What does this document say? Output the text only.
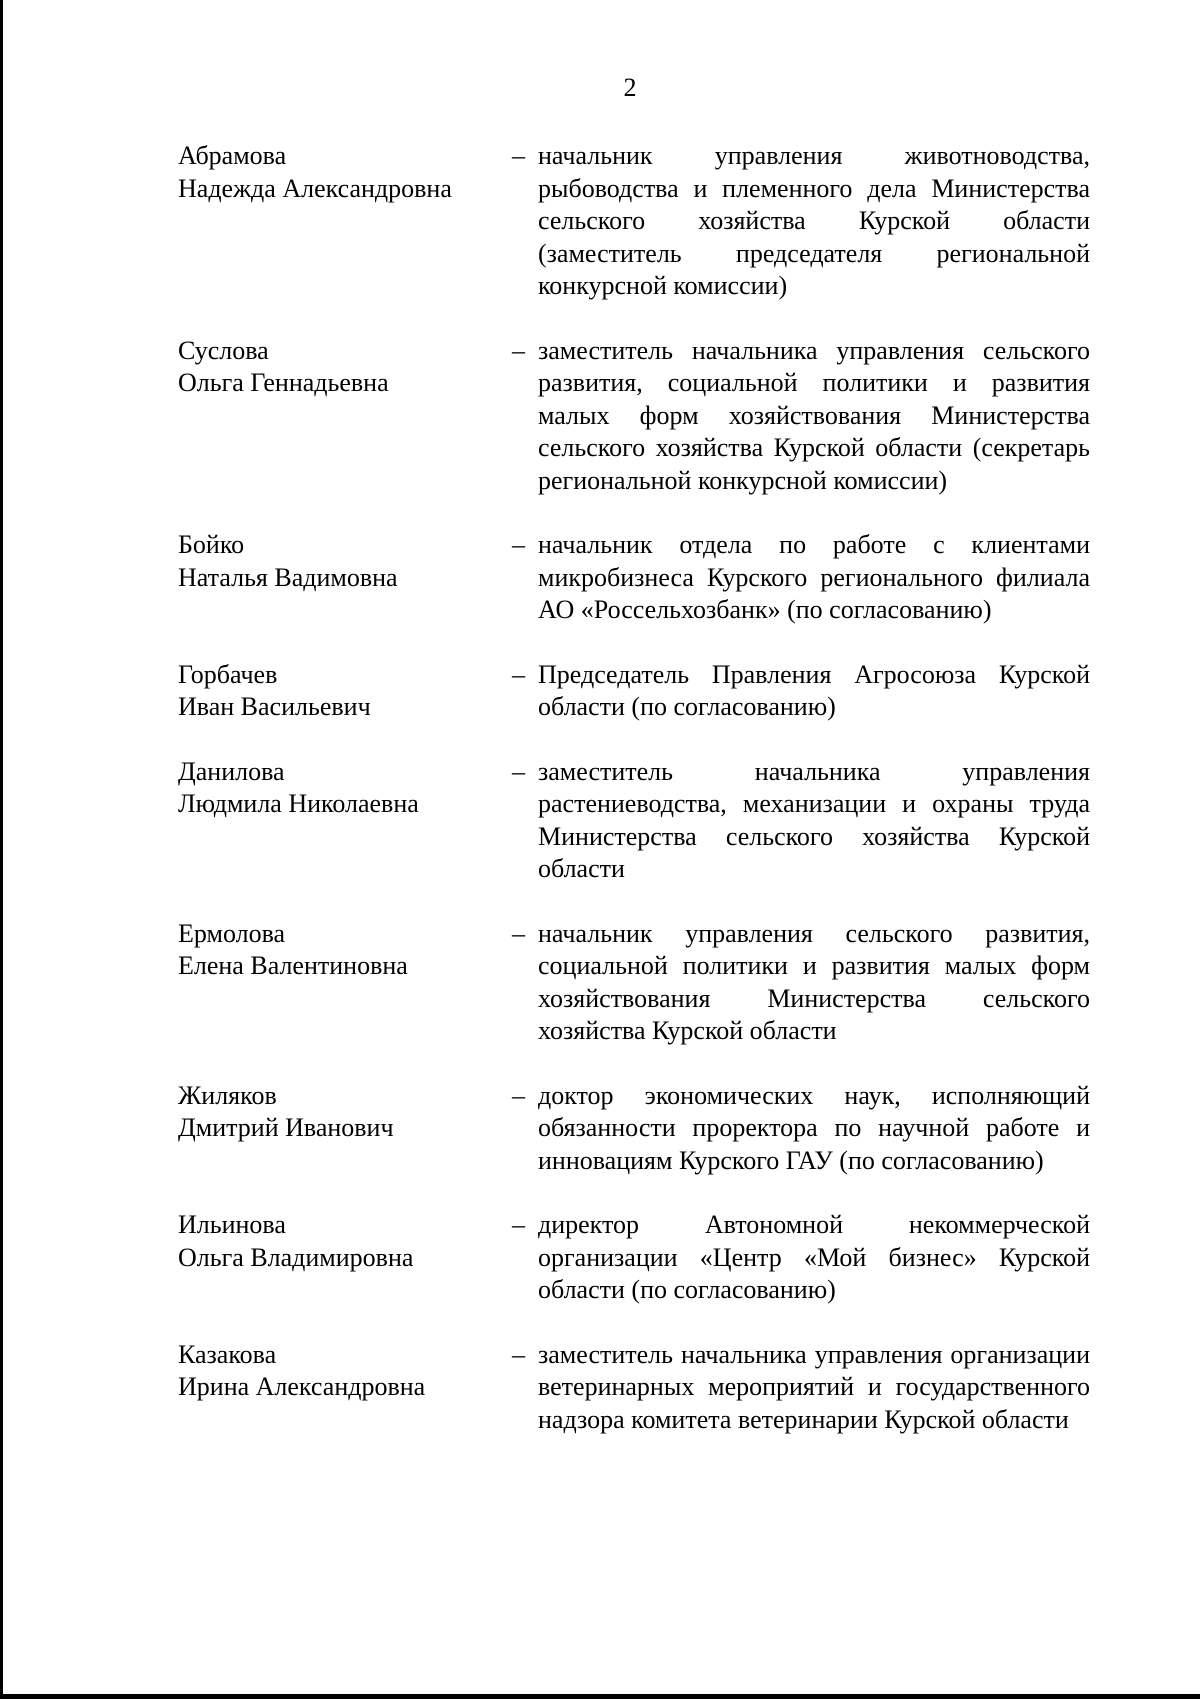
2
Абрамова
Надежда Александровна
– начальник управления животноводства, рыбоводства и племенного дела Министерства сельского хозяйства Курской области (заместитель председателя региональной конкурсной комиссии)
Суслова
Ольга Геннадьевна
– заместитель начальника управления сельского развития, социальной политики и развития малых форм хозяйствования Министерства сельского хозяйства Курской области (секретарь региональной конкурсной комиссии)
Бойко
Наталья Вадимовна
– начальник отдела по работе с клиентами микробизнеса Курского регионального филиала АО «Россельхозбанк» (по согласованию)
Горбачев
Иван Васильевич
– Председатель Правления Агросоюза Курской области (по согласованию)
Данилова
Людмила Николаевна
– заместитель начальника управления растениеводства, механизации и охраны труда Министерства сельского хозяйства Курской области
Ермолова
Елена Валентиновна
– начальник управления сельского развития, социальной политики и развития малых форм хозяйствования Министерства сельского хозяйства Курской области
Жиляков
Дмитрий Иванович
– доктор экономических наук, исполняющий обязанности проректора по научной работе и инновациям Курского ГАУ (по согласованию)
Ильинова
Ольга Владимировна
– директор Автономной некоммерческой организации «Центр «Мой бизнес» Курской области (по согласованию)
Казакова
Ирина Александровна
– заместитель начальника управления организации ветеринарных мероприятий и государственного надзора комитета ветеринарии Курской области
